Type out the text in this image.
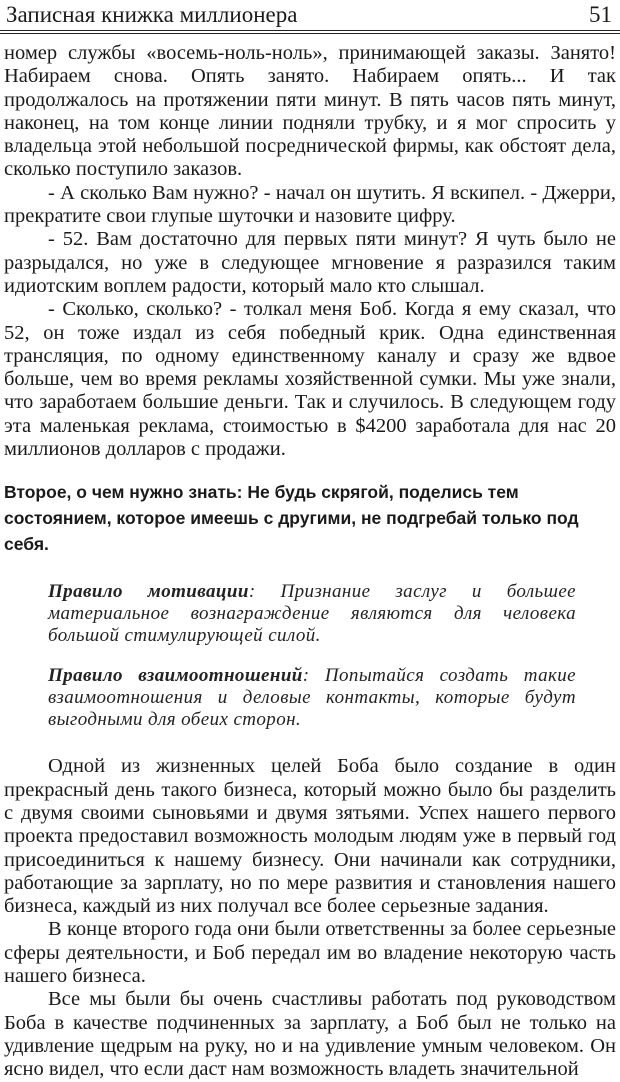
Записная книжка миллионера	51

номер службы «восемь-ноль-ноль», принимающей заказы. Занято! Набираем снова. Опять занято. Набираем опять... И так продолжалось на протяжении пяти минут. В пять часов пять минут, наконец, на том конце линии подняли трубку, и я мог спросить у владельца этой небольшой посреднической фирмы, как обстоят дела, сколько поступило заказов.

- А сколько Вам нужно? - начал он шутить. Я вскипел. - Джерри, прекратите свои глупые шуточки и назовите цифру.

- 52. Вам достаточно для первых пяти минут? Я чуть было не разрыдался, но уже в следующее мгновение я разразился таким идиотским воплем радости, который мало кто слышал.

- Сколько, сколько? - толкал меня Боб. Когда я ему сказал, что 52, он тоже издал из себя победный крик. Одна единственная трансляция, по одному единственному каналу и сразу же вдвое больше, чем во время рекламы хозяйственной сумки. Мы уже знали, что заработаем большие деньги. Так и случилось. В следующем году эта маленькая реклама, стоимостью в $4200 заработала для нас 20 миллионов долларов с продажи.

Второе, о чем нужно знать: Не будь скрягой, поделись тем состоянием, которое имеешь с другими, не подгребай только под себя.

Правило мотивации: Признание заслуг и большее материальное вознаграждение являются для человека большой стимулирующей силой.

Правило взаимоотношений: Попытайся создать такие взаимоотношения и деловые контакты, которые будут выгодными для обеих сторон.

Одной из жизненных целей Боба было создание в один прекрасный день такого бизнеса, который можно было бы разделить с двумя своими сыновьями и двумя зятьями. Успех нашего первого проекта предоставил возможность молодым людям уже в первый год присоединиться к нашему бизнесу. Они начинали как сотрудники, работающие за зарплату, но по мере развития и становления нашего бизнеса, каждый из них получал все более серьезные задания.

В конце второго года они были ответственны за более серьезные сферы деятельности, и Боб передал им во владение некоторую часть нашего бизнеса.

Все мы были бы очень счастливы работать под руководством Боба в качестве подчиненных за зарплату, а Боб был не только на удивление щедрым на руку, но и на удивление умным человеком. Он ясно видел, что если даст нам возможность владеть значительной
